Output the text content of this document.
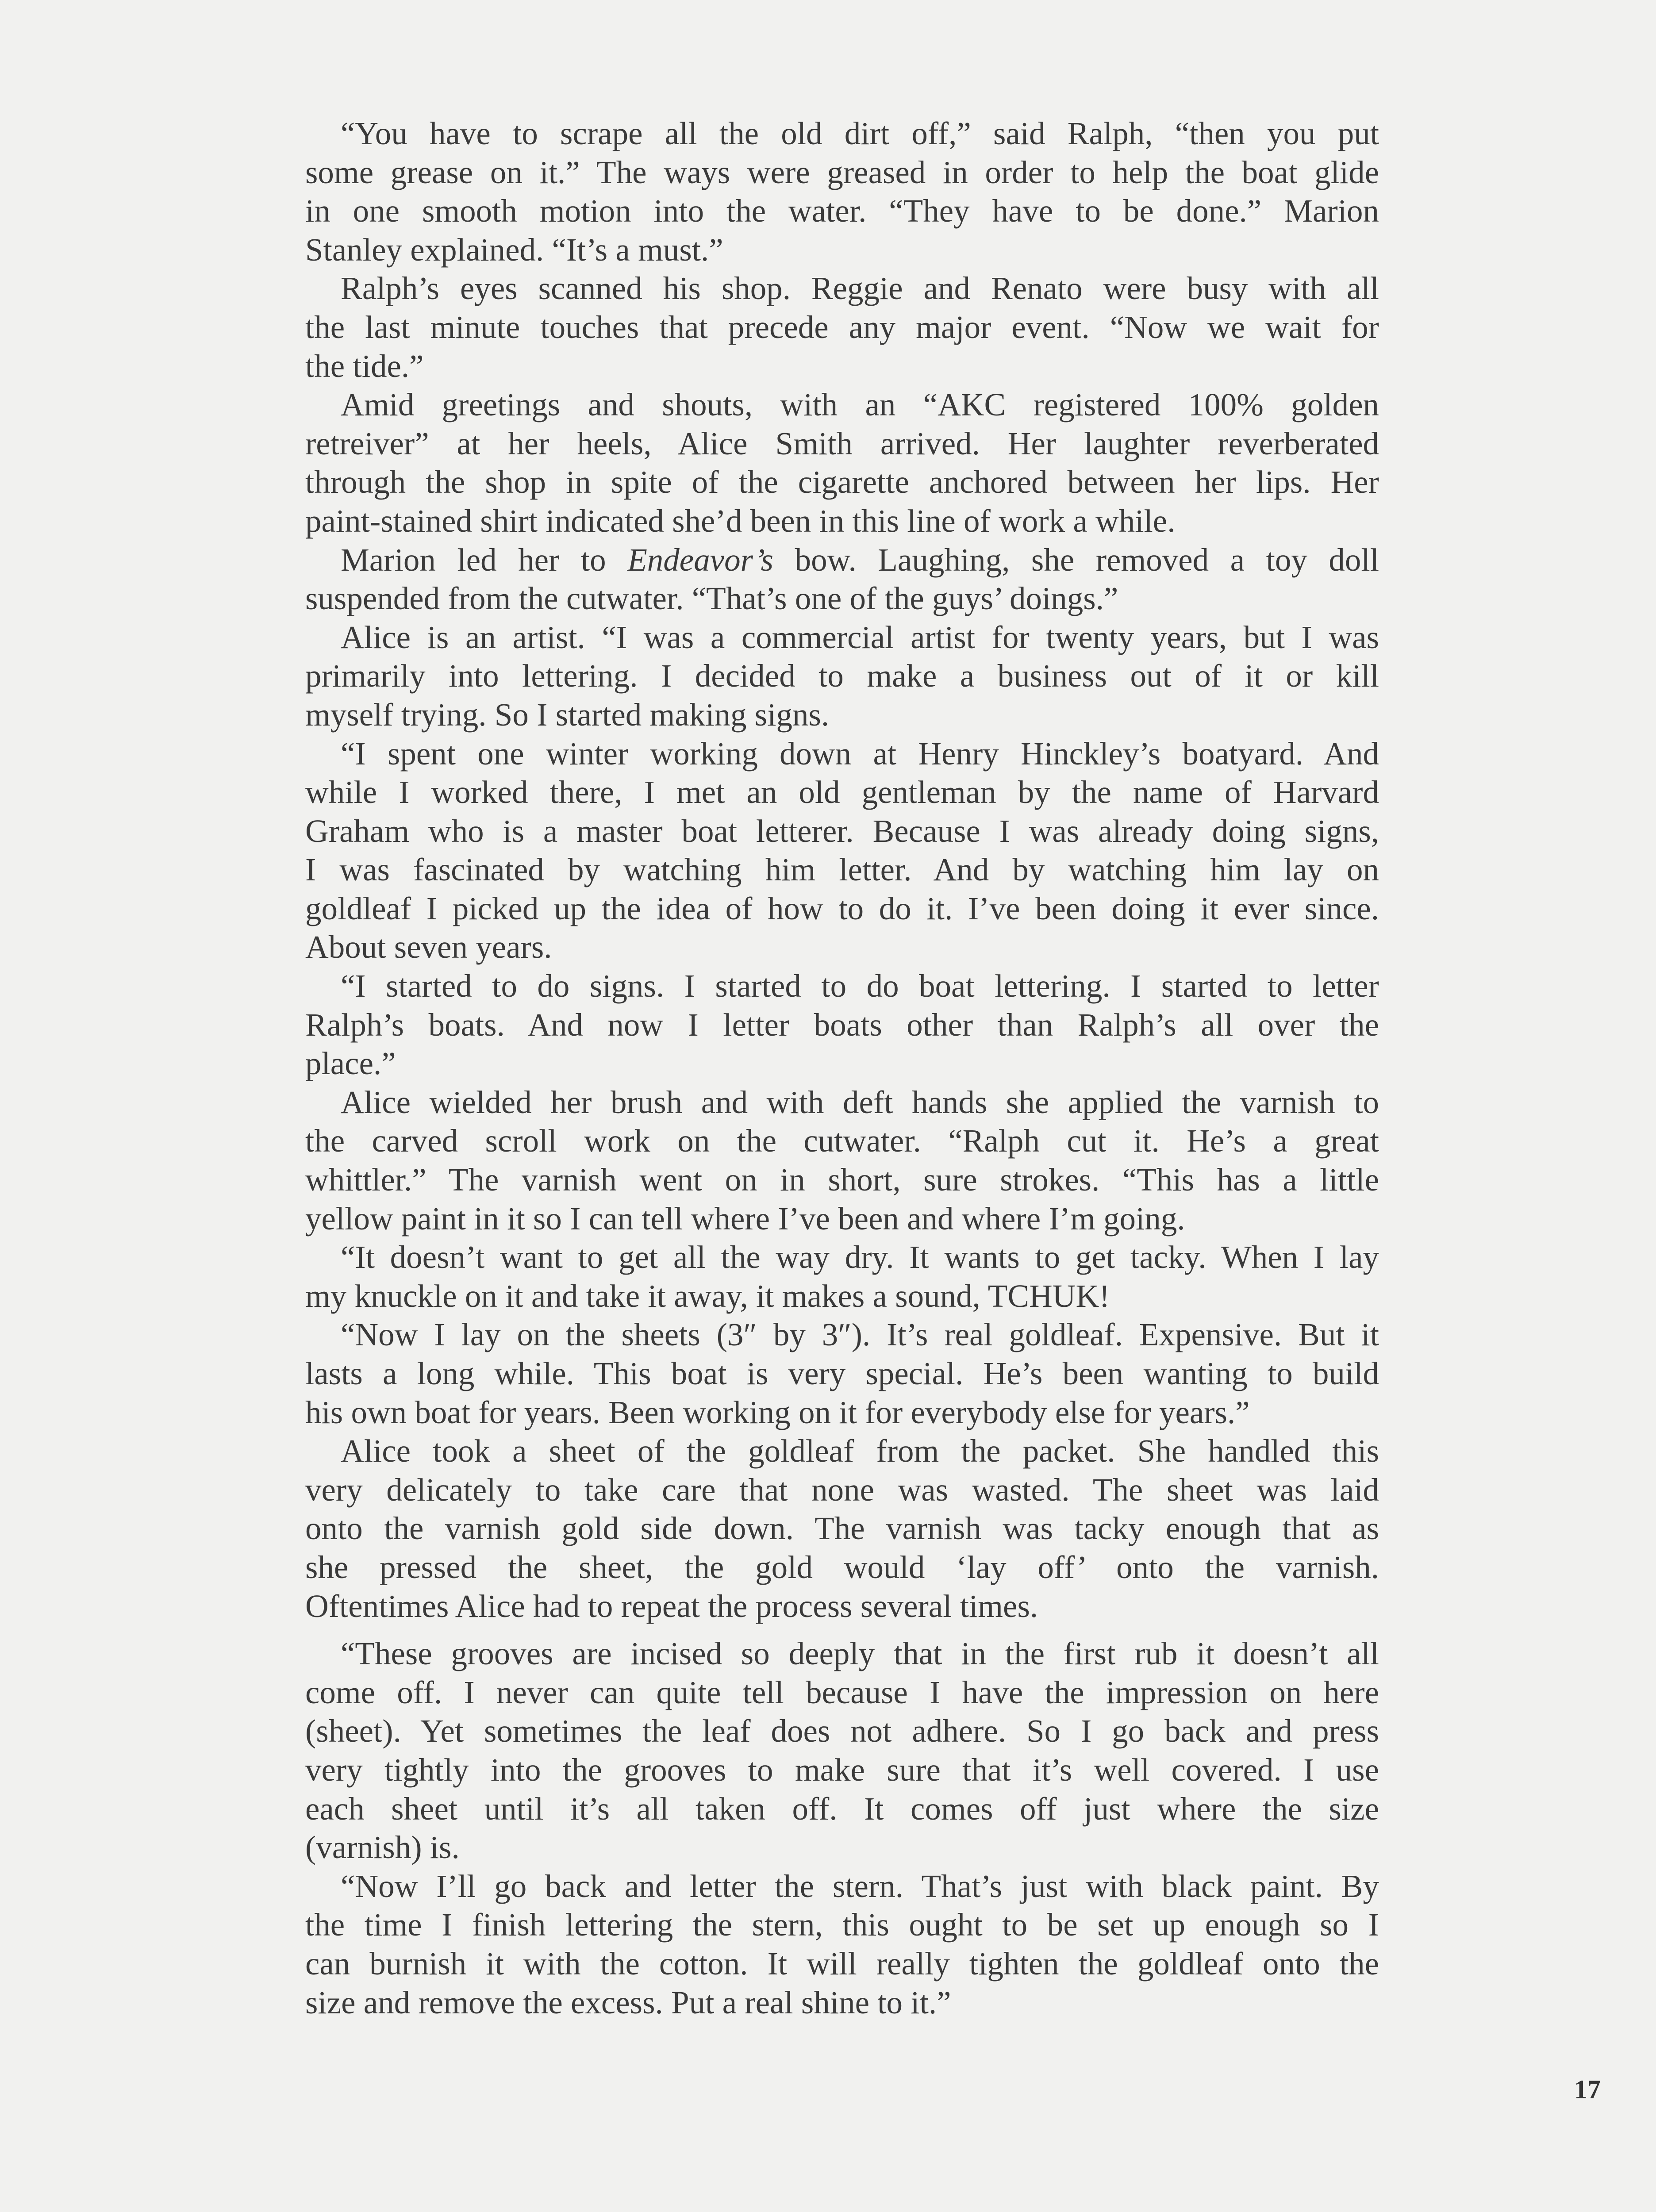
“You have to scrape all the old dirt off,” said Ralph, “then you put
some grease on it.” The ways were greased in order to help the boat glide
in one smooth motion into the water. “They have to be done.” Marion
Stanley explained. “It’s a must.”
Ralph’s eyes scanned his shop. Reggie and Renato were busy with all
the last minute touches that precede any major event. “Now we wait for
the tide.”
Amid greetings and shouts, with an “AKC registered 100% golden
retreiver” at her heels, Alice Smith arrived. Her laughter reverberated
through the shop in spite of the cigarette anchored between her lips. Her
paint-stained shirt indicated she’d been in this line of work a while.
Marion led her to Endeavor’s bow. Laughing, she removed a toy doll
suspended from the cutwater. “That’s one of the guys’ doings.”
Alice is an artist. “I was a commercial artist for twenty years, but I was
primarily into lettering. I decided to make a business out of it or kill
myself trying. So I started making signs.
“I spent one winter working down at Henry Hinckley’s boatyard. And
while I worked there, I met an old gentleman by the name of Harvard
Graham who is a master boat letterer. Because I was already doing signs,
I was fascinated by watching him letter. And by watching him lay on
goldleaf I picked up the idea of how to do it. I’ve been doing it ever since.
About seven years.
“I started to do signs. I started to do boat lettering. I started to letter
Ralph’s boats. And now I letter boats other than Ralph’s all over the
place.”
Alice wielded her brush and with deft hands she applied the varnish to
the carved scroll work on the cutwater. “Ralph cut it. He’s a great
whittler.” The varnish went on in short, sure strokes. “This has a little
yellow paint in it so I can tell where I’ve been and where I’m going.
“It doesn’t want to get all the way dry. It wants to get tacky. When I lay
my knuckle on it and take it away, it makes a sound, TCHUK!
“Now I lay on the sheets (3″ by 3″). It’s real goldleaf. Expensive. But it
lasts a long while. This boat is very special. He’s been wanting to build
his own boat for years. Been working on it for everybody else for years.”
Alice took a sheet of the goldleaf from the packet. She handled this
very delicately to take care that none was wasted. The sheet was laid
onto the varnish gold side down. The varnish was tacky enough that as
she pressed the sheet, the gold would ‘lay off’ onto the varnish.
Oftentimes Alice had to repeat the process several times.
“These grooves are incised so deeply that in the first rub it doesn’t all
come off. I never can quite tell because I have the impression on here
(sheet). Yet sometimes the leaf does not adhere. So I go back and press
very tightly into the grooves to make sure that it’s well covered. I use
each sheet until it’s all taken off. It comes off just where the size
(varnish) is.
“Now I’ll go back and letter the stern. That’s just with black paint. By
the time I finish lettering the stern, this ought to be set up enough so I
can burnish it with the cotton. It will really tighten the goldleaf onto the
size and remove the excess. Put a real shine to it.”
17
